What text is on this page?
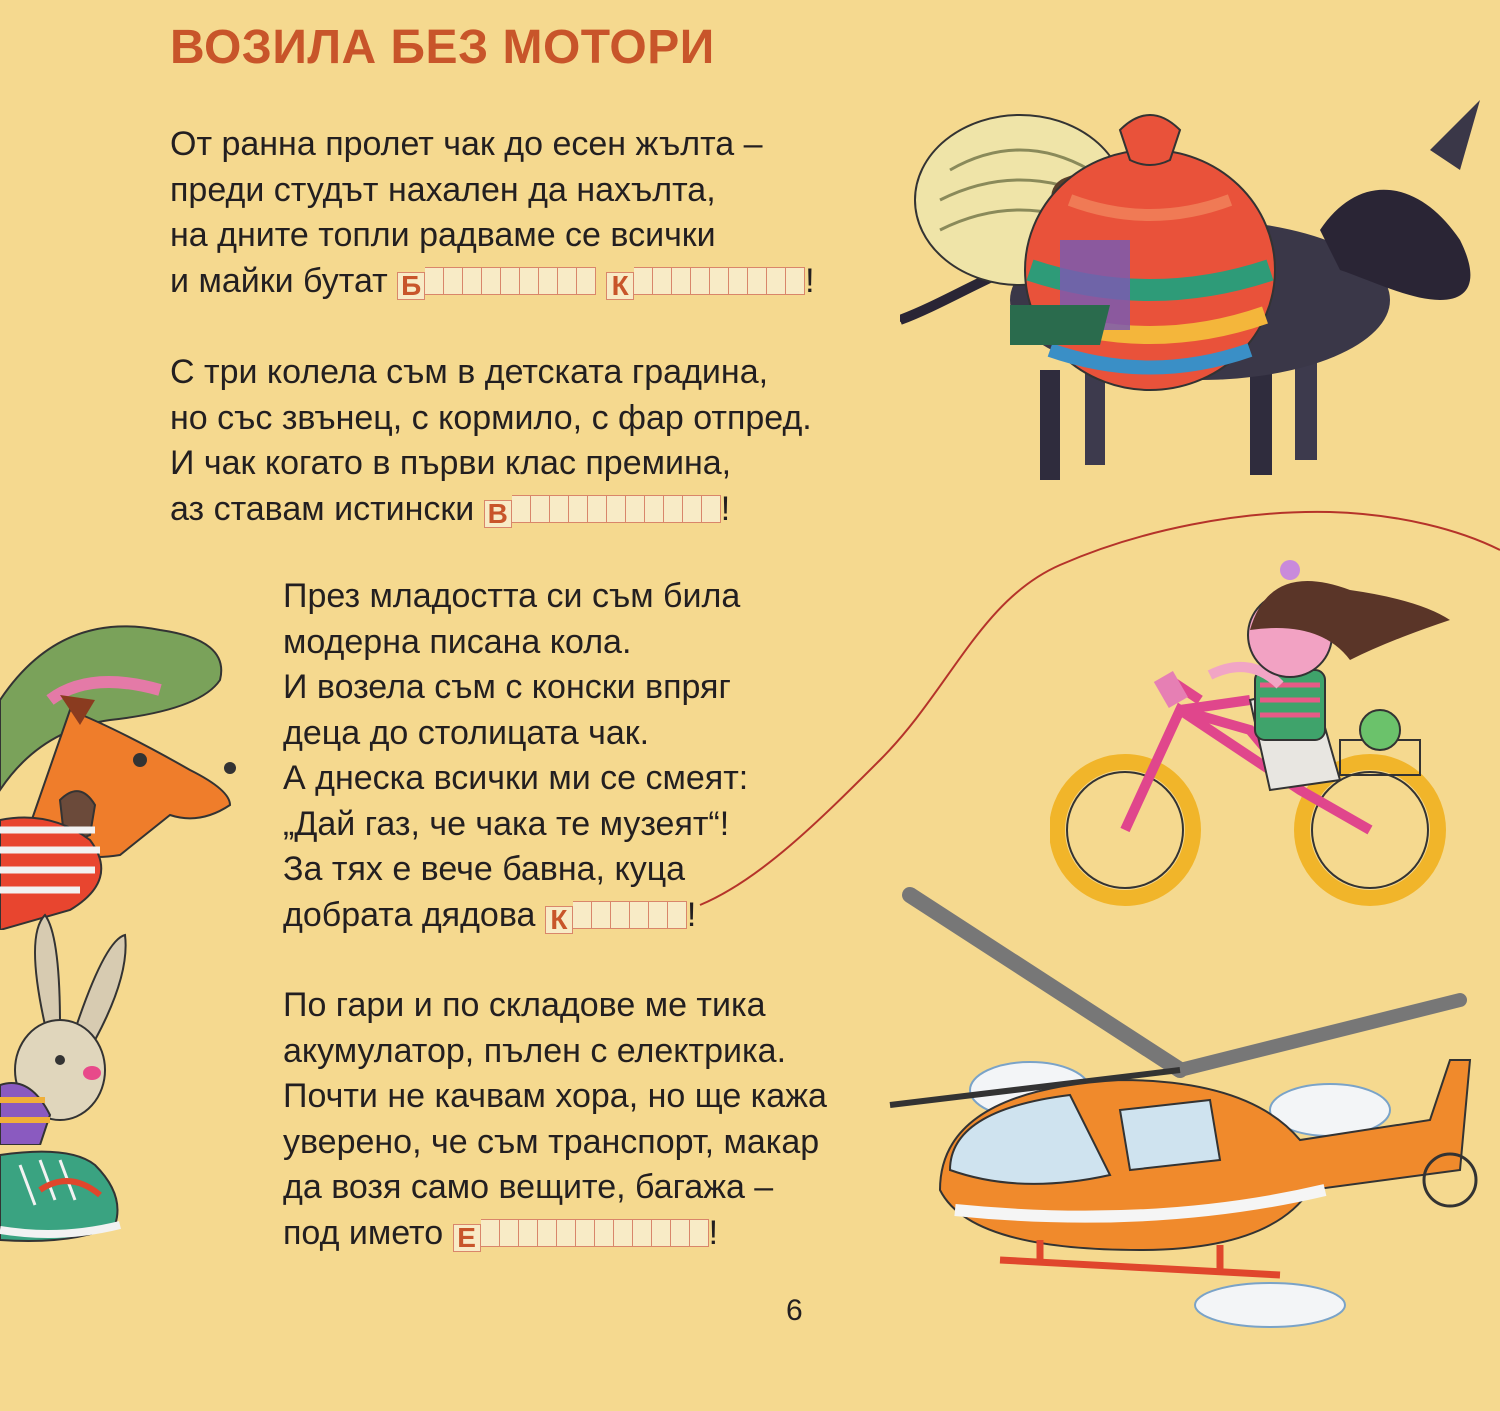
ВОЗИЛА БЕЗ МОТОРИ
От ранна пролет чак до есен жълта –
преди студът нахален да нахълта,
на дните топли радваме се всички
и майки бутат Б	К	!
С три колела съм в детската градина,
но със звънец, с кормило, с фар отпред.
И чак когато в първи клас премина,
аз ставам истински В	!
През младостта си съм била
модерна писана кола.
И возела съм с конски впряг
деца до столицата чак.
А днеска всички ми се смеят:
„Дай газ, че чака те музеят“!
За тях е вече бавна, куца
добрата дядова К	!
По гари и по складове ме тика
акумулатор, пълен с електрика.
Почти не качвам хора, но ще кажа
уверено, че съм транспорт, макар
да возя само вещите, багажа –
под името Е	!
6
